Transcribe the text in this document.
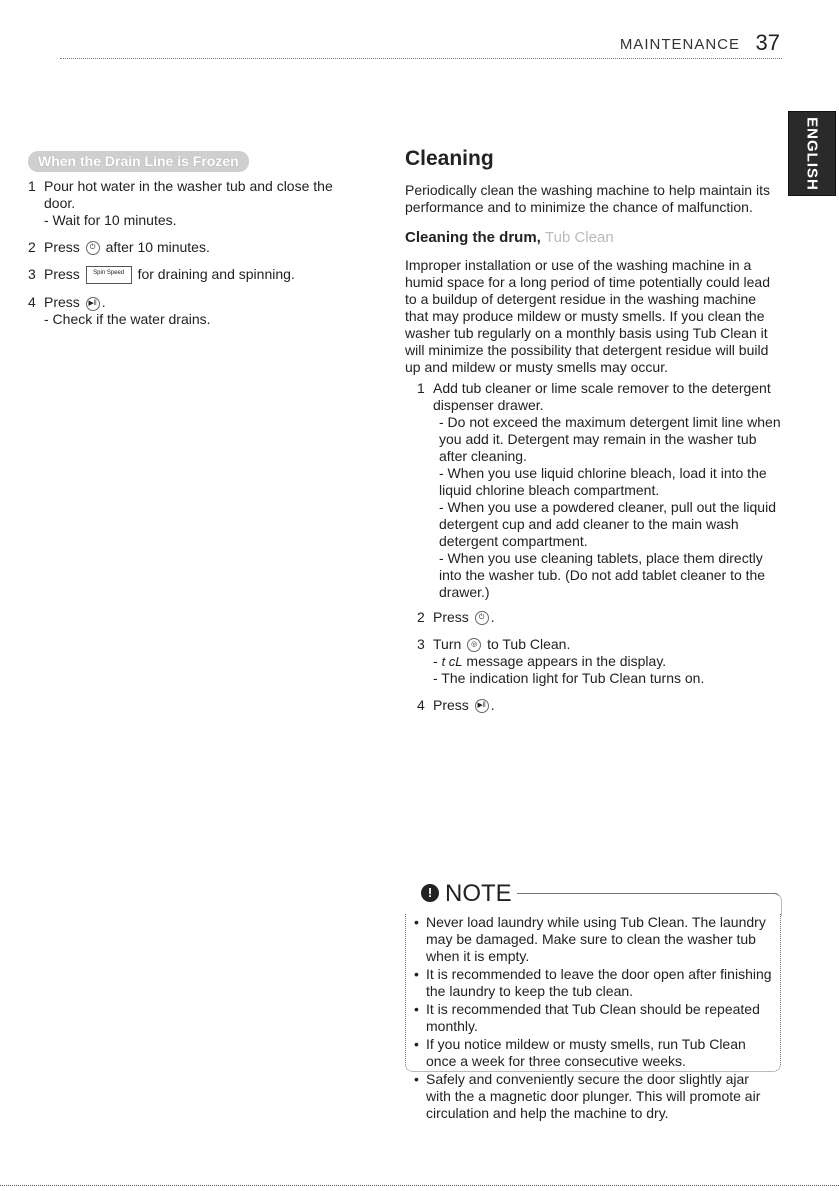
MAINTENANCE 37
ENGLISH
When the Drain Line is Frozen
1 Pour hot water in the washer tub and close the door.
- Wait for 10 minutes.
2 Press ⏻ after 10 minutes.
3 Press Spin Speed for draining and spinning.
4 Press ▶‖ .
- Check if the water drains.
Cleaning

Periodically clean the washing machine to help maintain its performance and to minimize the chance of malfunction.

Cleaning the drum, Tub Clean

Improper installation or use of the washing machine in a humid space for a long period of time potentially could lead to a buildup of detergent residue in the washing machine that may produce mildew or musty smells. If you clean the washer tub regularly on a monthly basis using Tub Clean it will minimize the possibility that detergent residue will build up and mildew or musty smells may occur.

1 Add tub cleaner or lime scale remover to the detergent dispenser drawer.
- Do not exceed the maximum detergent limit line when you add it. Detergent may remain in the washer tub after cleaning.
- When you use liquid chlorine bleach, load it into the liquid chlorine bleach compartment.
- When you use a powdered cleaner, pull out the liquid detergent cup and add cleaner to the main wash detergent compartment.
- When you use cleaning tablets, place them directly into the washer tub. (Do not add tablet cleaner to the drawer.)
2 Press ⏻ .
3 Turn ◎ to Tub Clean.
- t cL message appears in the display.
- The indication light for Tub Clean turns on.
4 Press ▶‖ .
! NOTE
• Never load laundry while using Tub Clean. The laundry may be damaged. Make sure to clean the washer tub when it is empty.
• It is recommended to leave the door open after finishing the laundry to keep the tub clean.
• It is recommended that Tub Clean should be repeated monthly.
• If you notice mildew or musty smells, run Tub Clean once a week for three consecutive weeks.
• Safely and conveniently secure the door slightly ajar with the a magnetic door plunger. This will promote air circulation and help the machine to dry.
